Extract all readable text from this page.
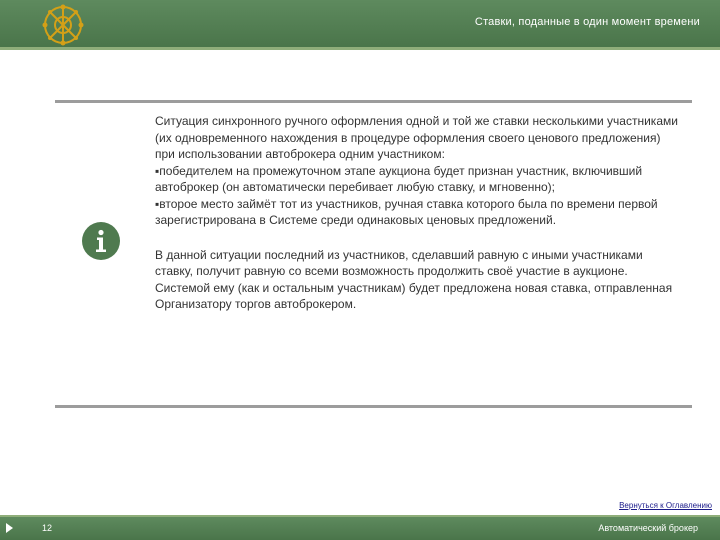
Ставки, поданные в один момент времени

Ситуация синхронного ручного оформления одной и той же ставки несколькими участниками (их одновременного нахождения в процедуре оформления своего ценового предложения) при использовании автоброкера одним участником:

▪победителем на промежуточном этапе аукциона будет признан участник, включивший автоброкер (он автоматически перебивает любую ставку, и мгновенно);

▪второе место займёт тот из участников, ручная ставка которого была по времени первой зарегистрирована в Системе среди одинаковых ценовых предложений.

В данной ситуации последний из участников, сделавший равную с иными участниками ставку, получит равную со всеми возможность продолжить своё участие в аукционе. Системой ему (как и остальным участникам) будет предложена новая ставка, отправленная Организатору торгов автоброкером.

Вернуться к Оглавлению
12	Автоматический брокер
